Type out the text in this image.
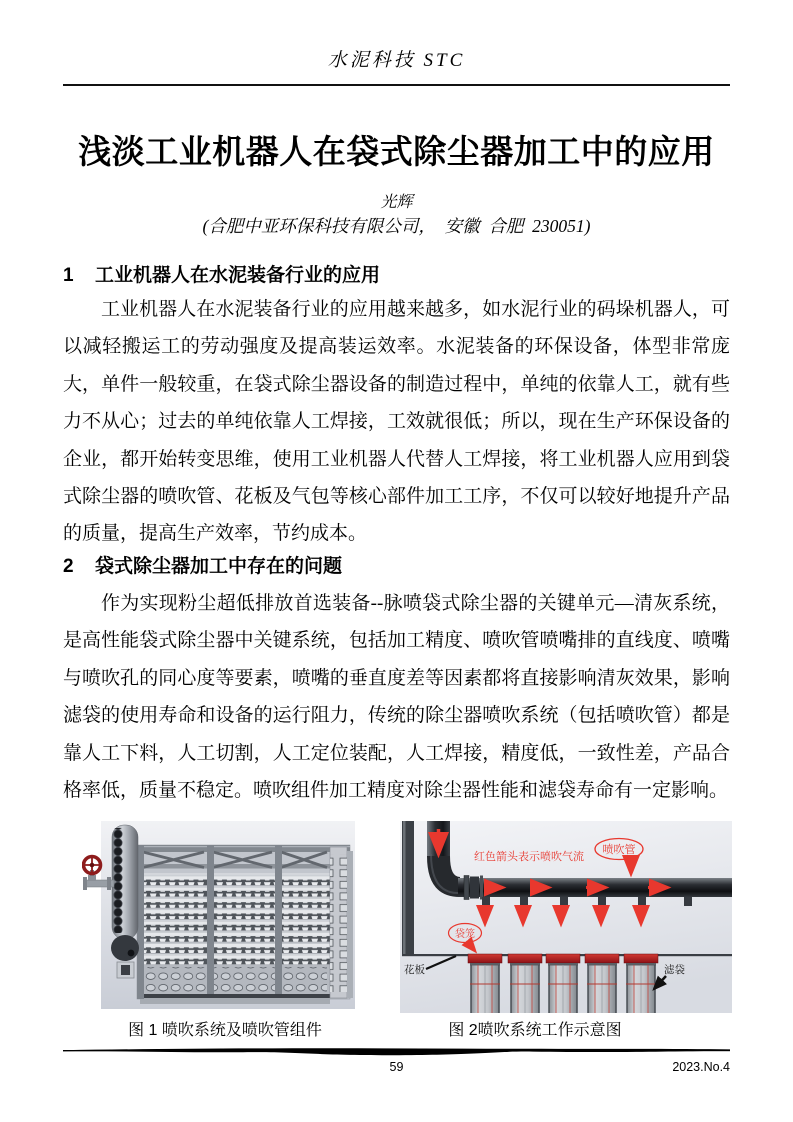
水泥科技 STC
浅淡工业机器人在袋式除尘器加工中的应用
光辉
(合肥中亚环保科技有限公司，  安徽  合肥  230051)
1 工业机器人在水泥装备行业的应用

工业机器人在水泥装备行业的应用越来越多，如水泥行业的码垛机器人，可以减轻搬运工的劳动强度及提高装运效率。水泥装备的环保设备，体型非常庞大，单件一般较重，在袋式除尘器设备的制造过程中，单纯的依靠人工，就有些力不从心；过去的单纯依靠人工焊接，工效就很低；所以，现在生产环保设备的企业，都开始转变思维，使用工业机器人代替人工焊接，将工业机器人应用到袋式除尘器的喷吹管、花板及气包等核心部件加工工序，不仅可以较好地提升产品的质量，提高生产效率，节约成本。

2 袋式除尘器加工中存在的问题

作为实现粉尘超低排放首选装备--脉喷袋式除尘器的关键单元—清灰系统，是高性能袋式除尘器中关键系统，包括加工精度、喷吹管喷嘴排的直线度、喷嘴与喷吹孔的同心度等要素，喷嘴的垂直度差等因素都将直接影响清灰效果，影响滤袋的使用寿命和设备的运行阻力，传统的除尘器喷吹系统（包括喷吹管）都是靠人工下料，人工切割，人工定位装配，人工焊接，精度低，一致性差，产品合格率低，质量不稳定。喷吹组件加工精度对除尘器性能和滤袋寿命有一定影响。

红色箭头表示喷吹气流
喷吹管
袋笼
花板	滤袋
图 1 喷吹系统及喷吹管组件	图 2喷吹系统工作示意图
59	2023.No.4
